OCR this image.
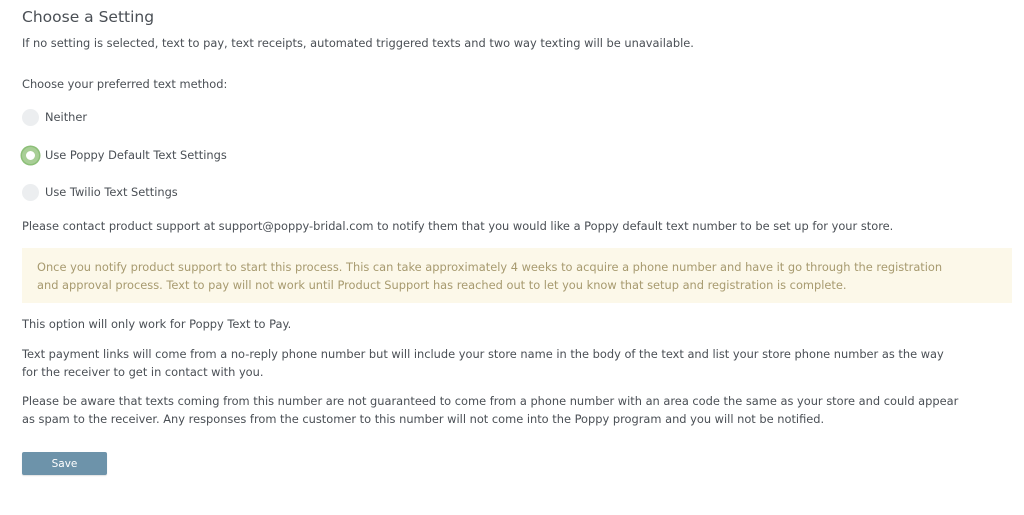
Choose a Setting
If no setting is selected, text to pay, text receipts, automated triggered texts and two way texting will be unavailable.
Choose your preferred text method:
Neither
Use Poppy Default Text Settings
Use Twilio Text Settings
Please contact product support at support@poppy-bridal.com to notify them that you would like a Poppy default text number to be set up for your store.
Once you notify product support to start this process. This can take approximately 4 weeks to acquire a phone number and have it go through the registration
and approval process. Text to pay will not work until Product Support has reached out to let you know that setup and registration is complete.
This option will only work for Poppy Text to Pay.
Text payment links will come from a no-reply phone number but will include your store name in the body of the text and list your store phone number as the way
for the receiver to get in contact with you.
Please be aware that texts coming from this number are not guaranteed to come from a phone number with an area code the same as your store and could appear
as spam to the receiver. Any responses from the customer to this number will not come into the Poppy program and you will not be notified.
Save
